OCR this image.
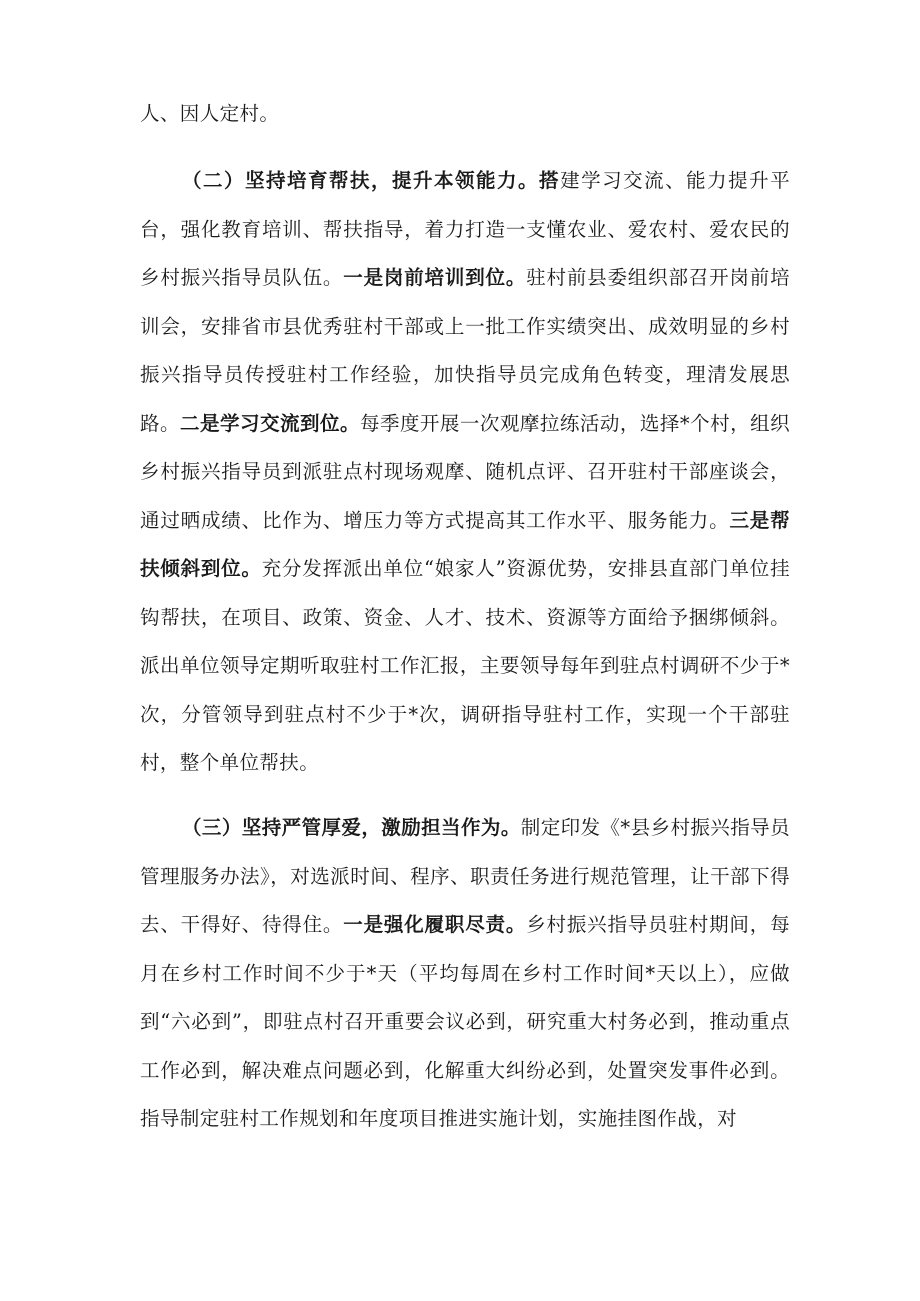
人、因人定村。

（二）坚持培育帮扶，提升本领能力。搭建学习交流、能力提升平台，强化教育培训、帮扶指导，着力打造一支懂农业、爱农村、爱农民的乡村振兴指导员队伍。一是岗前培训到位。驻村前县委组织部召开岗前培训会，安排省市县优秀驻村干部或上一批工作实绩突出、成效明显的乡村振兴指导员传授驻村工作经验，加快指导员完成角色转变，理清发展思路。二是学习交流到位。每季度开展一次观摩拉练活动，选择*个村，组织乡村振兴指导员到派驻点村现场观摩、随机点评、召开驻村干部座谈会，通过晒成绩、比作为、增压力等方式提高其工作水平、服务能力。三是帮扶倾斜到位。充分发挥派出单位“娘家人”资源优势，安排县直部门单位挂钩帮扶，在项目、政策、资金、人才、技术、资源等方面给予捆绑倾斜。派出单位领导定期听取驻村工作汇报，主要领导每年到驻点村调研不少于*次，分管领导到驻点村不少于*次，调研指导驻村工作，实现一个干部驻村，整个单位帮扶。

（三）坚持严管厚爱，激励担当作为。制定印发《*县乡村振兴指导员管理服务办法》，对选派时间、程序、职责任务进行规范管理，让干部下得去、干得好、待得住。一是强化履职尽责。乡村振兴指导员驻村期间，每月在乡村工作时间不少于*天（平均每周在乡村工作时间*天以上），应做到“六必到”，即驻点村召开重要会议必到，研究重大村务必到，推动重点工作必到，解决难点问题必到，化解重大纠纷必到，处置突发事件必到。指导制定驻村工作规划和年度项目推进实施计划，实施挂图作战，对
